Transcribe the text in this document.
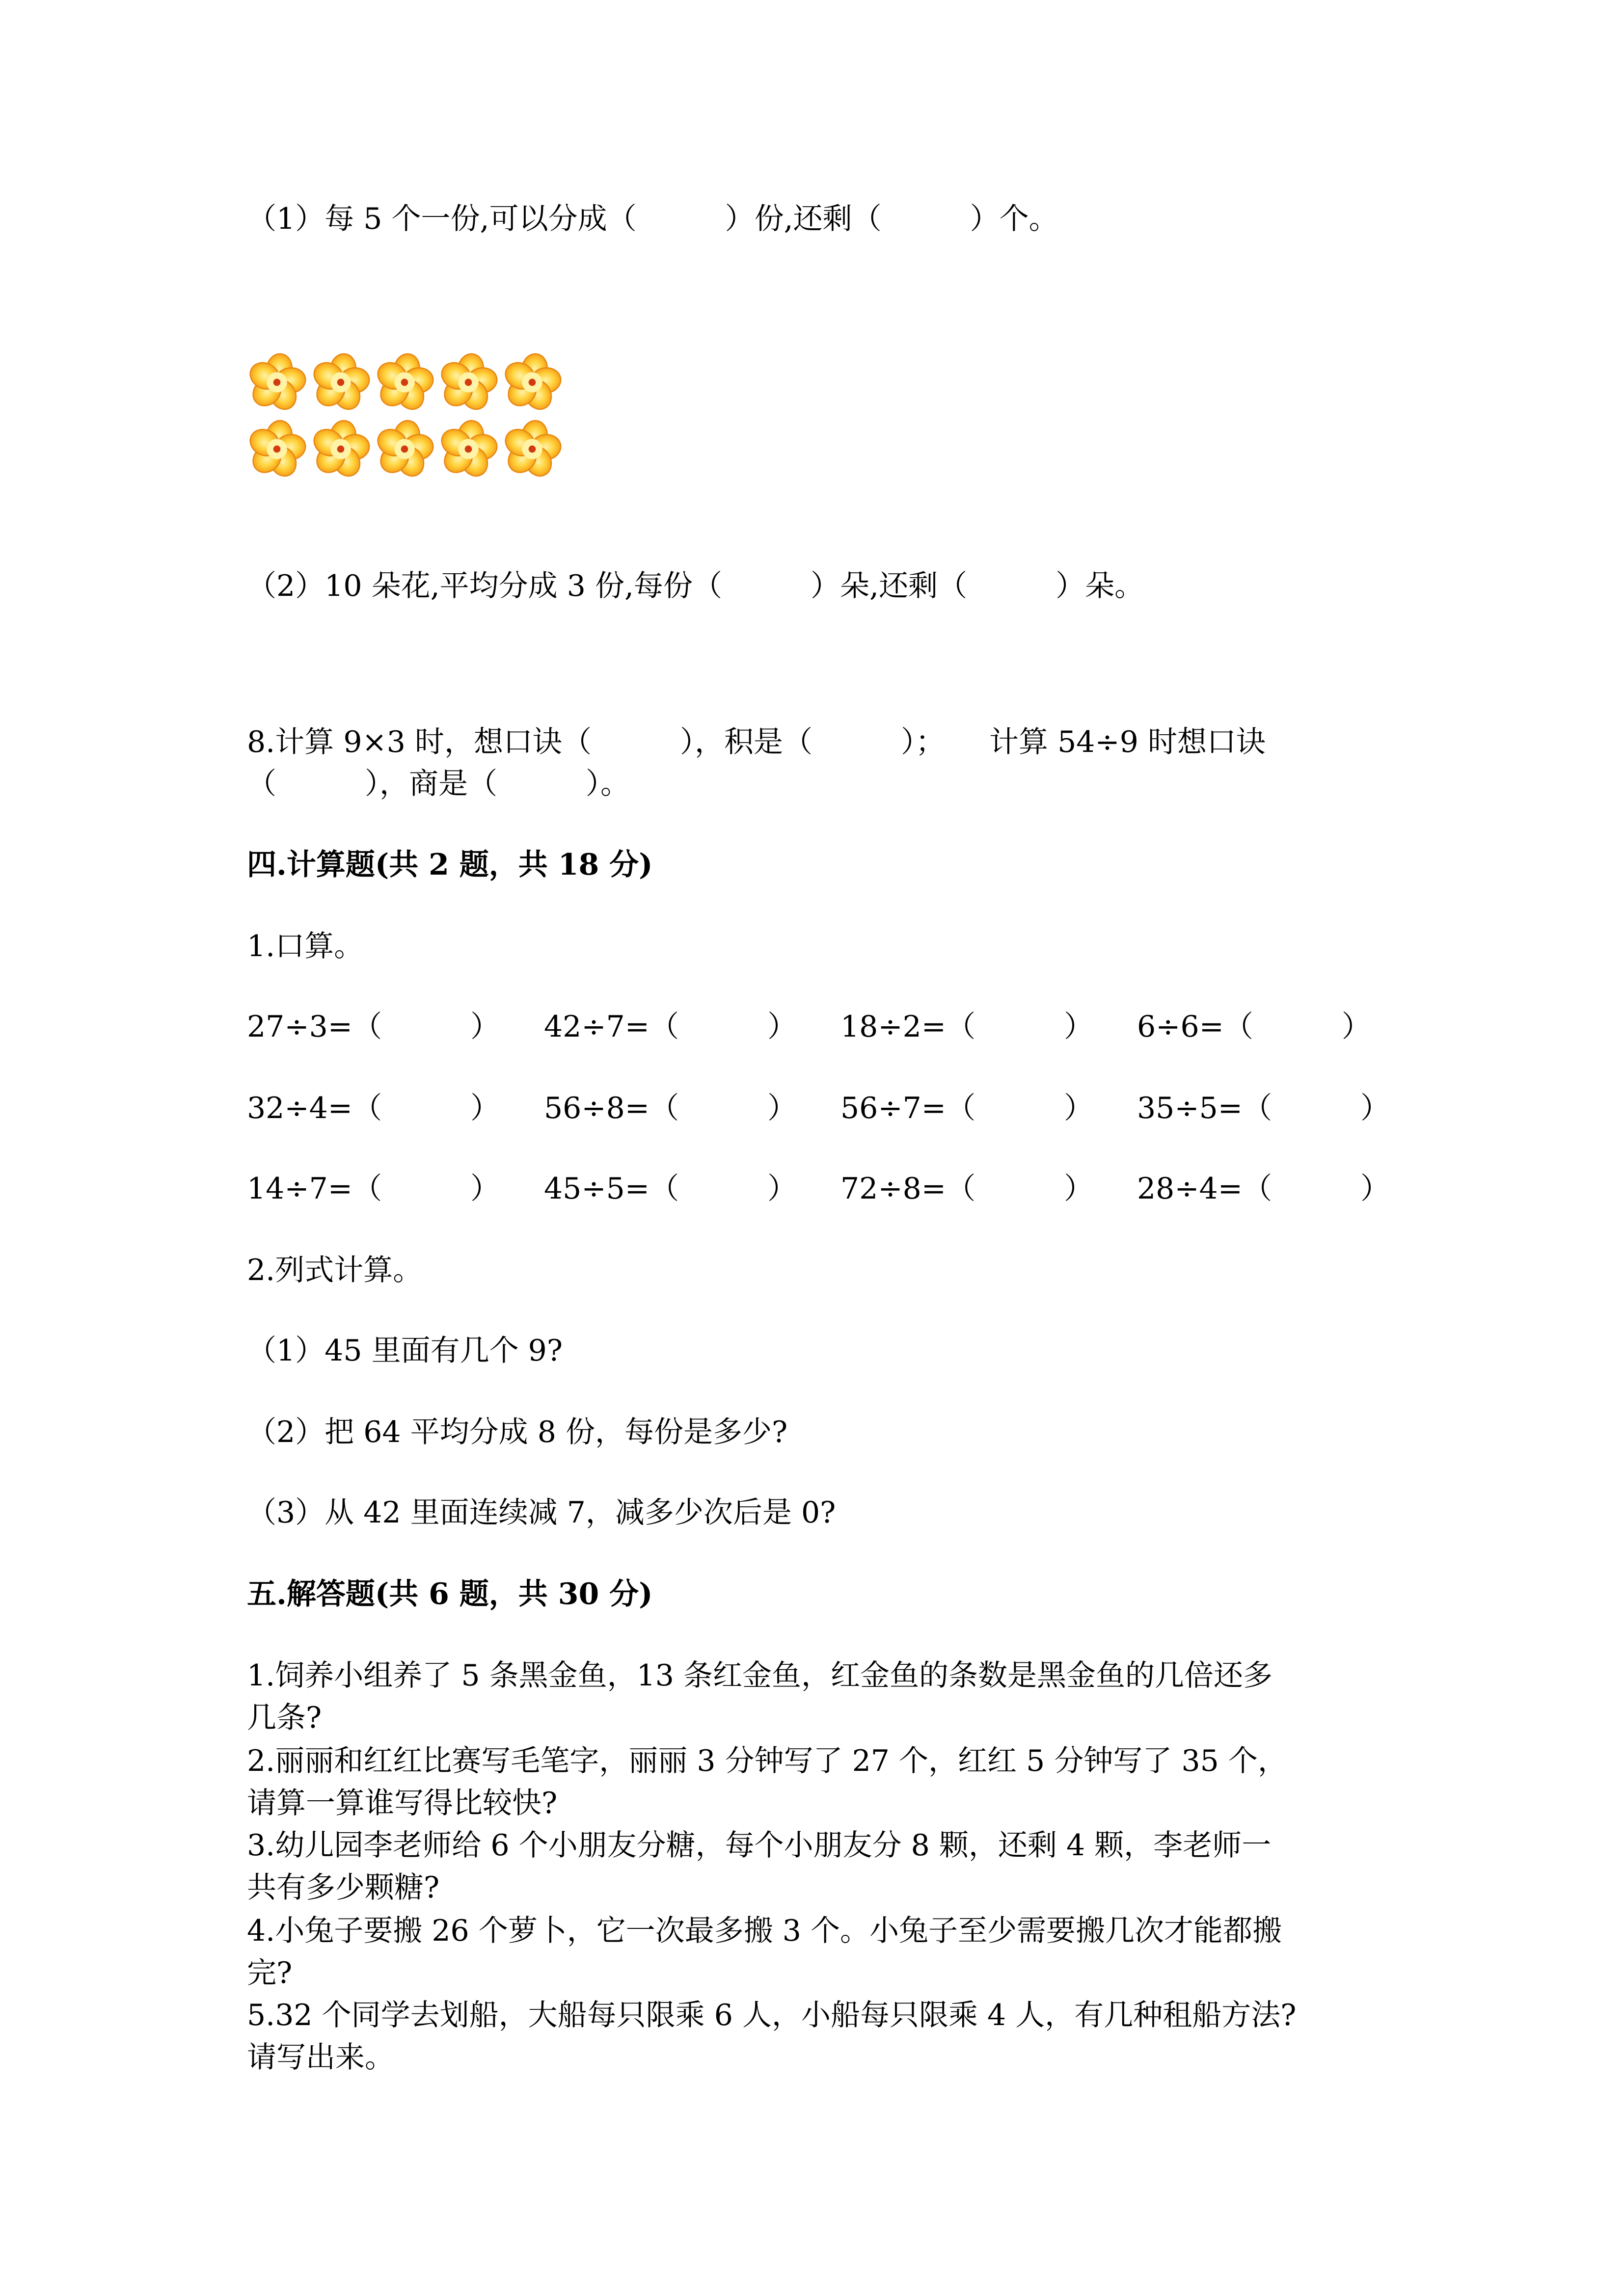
（1）每 5 个一份,可以分成（　　　）份,还剩（　　　）个。
（2）10 朵花,平均分成 3 份,每份（　　　）朵,还剩（　　　）朵。
8.计算 9×3 时，想口诀（　　　），积是（　　　）；　　计算 54÷9 时想口诀
（　　　），商是（　　　）。
四.计算题(共 2 题，共 18 分)
1.口算。
27÷3=（　　　） 42÷7=（　　　） 18÷2=（　　　） 6÷6=（　　　）
32÷4=（　　　） 56÷8=（　　　） 56÷7=（　　　） 35÷5=（　　　）
14÷7=（　　　） 45÷5=（　　　） 72÷8=（　　　） 28÷4=（　　　）
2.列式计算。
（1）45 里面有几个 9?
（2）把 64 平均分成 8 份，每份是多少?
（3）从 42 里面连续减 7，减多少次后是 0?
五.解答题(共 6 题，共 30 分)
1.饲养小组养了 5 条黑金鱼，13 条红金鱼，红金鱼的条数是黑金鱼的几倍还多
几条?
2.丽丽和红红比赛写毛笔字，丽丽 3 分钟写了 27 个，红红 5 分钟写了 35 个，
请算一算谁写得比较快?
3.幼儿园李老师给 6 个小朋友分糖，每个小朋友分 8 颗，还剩 4 颗，李老师一
共有多少颗糖?
4.小兔子要搬 26 个萝卜，它一次最多搬 3 个。小兔子至少需要搬几次才能都搬
完?
5.32 个同学去划船，大船每只限乘 6 人，小船每只限乘 4 人，有几种租船方法?
请写出来。
